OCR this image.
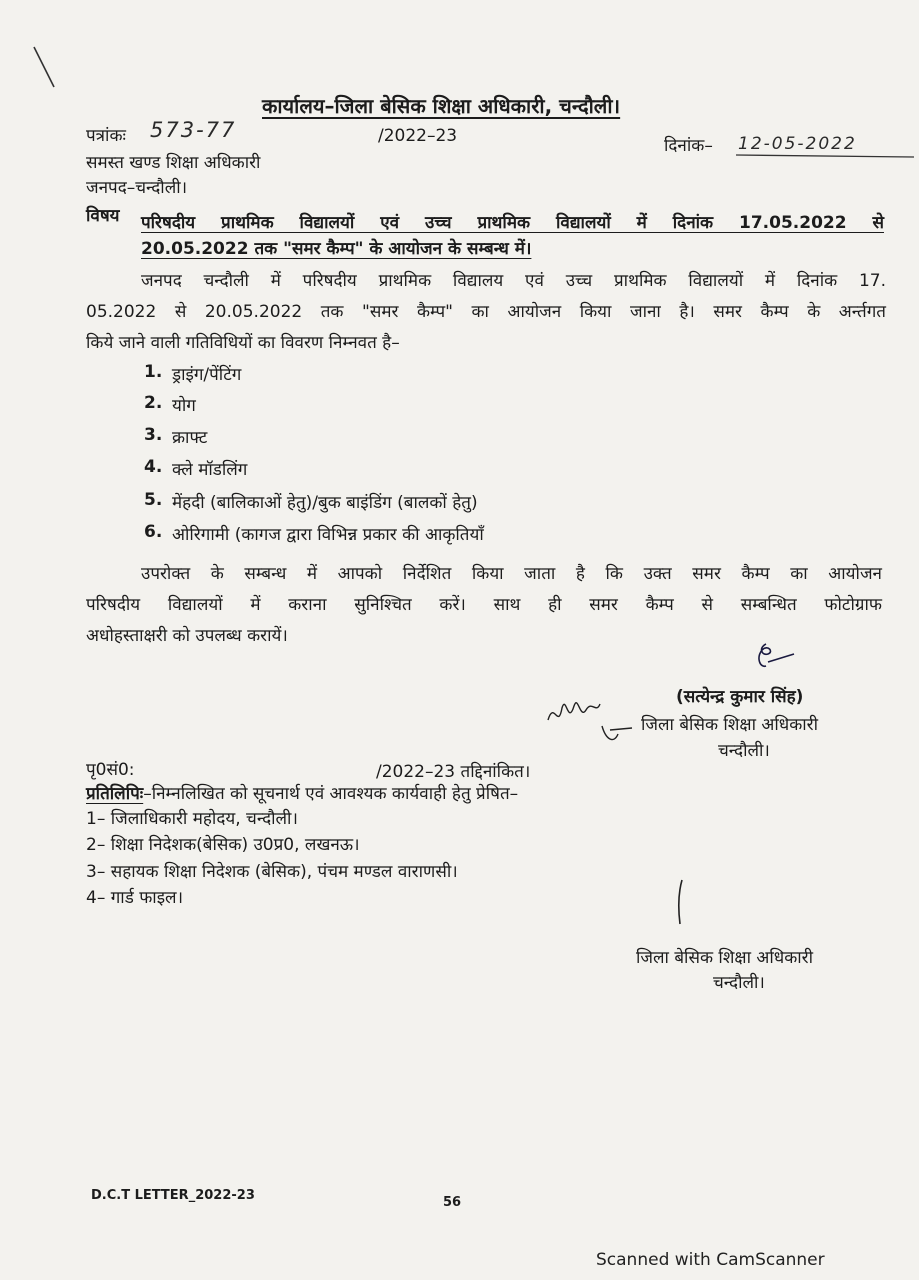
कार्यालय–जिला बेसिक शिक्षा अधिकारी, चन्दौली।
पत्रांकः 573-77	/2022–23	दिनांक– 12-05-2022
समस्त खण्ड शिक्षा अधिकारी
जनपद–चन्दौली।
विषय परिषदीय प्राथमिक विद्यालयों एवं उच्च प्राथमिक विद्यालयों में दिनांक 17.05.2022 से
20.05.2022 तक "समर कैम्प" के आयोजन के सम्बन्ध में।
जनपद चन्दौली में परिषदीय प्राथमिक विद्यालय एवं उच्च प्राथमिक विद्यालयों में दिनांक 17.
05.2022 से 20.05.2022 तक "समर कैम्प" का आयोजन किया जाना है। समर कैम्प के अर्न्तगत
किये जाने वाली गतिविधियों का विवरण निम्नवत है–
1. ड्राइंग/पेंटिंग
2. योग
3. क्राफ्ट
4. क्ले मॉडलिंग
5. मेंहदी (बालिकाओं हेतु)/बुक बाइंडिंग (बालकों हेतु)
6. ओरिगामी (कागज द्वारा विभिन्न प्रकार की आकृतियाँ
उपरोक्त के सम्बन्ध में आपको निर्देशित किया जाता है कि उक्त समर कैम्प का आयोजन
परिषदीय विद्यालयों में कराना सुनिश्चित करें। साथ ही समर कैम्प से सम्बन्धित फोटोग्राफ
अधोहस्ताक्षरी को उपलब्ध करायें।
(सत्येन्द्र कुमार सिंह)
जिला बेसिक शिक्षा अधिकारी
चन्दौली।
पृ0सं0:	/2022–23 तद्दिनांकित।
प्रतिलिपिः–निम्नलिखित को सूचनार्थ एवं आवश्यक कार्यवाही हेतु प्रेषित–
1– जिलाधिकारी महोदय, चन्दौली।
2– शिक्षा निदेशक(बेसिक) उ0प्र0, लखनऊ।
3– सहायक शिक्षा निदेशक (बेसिक), पंचम मण्डल वाराणसी।
4– गार्ड फाइल।
जिला बेसिक शिक्षा अधिकारी
चन्दौली।
D.C.T LETTER_2022-23	56
Scanned with CamScanner
